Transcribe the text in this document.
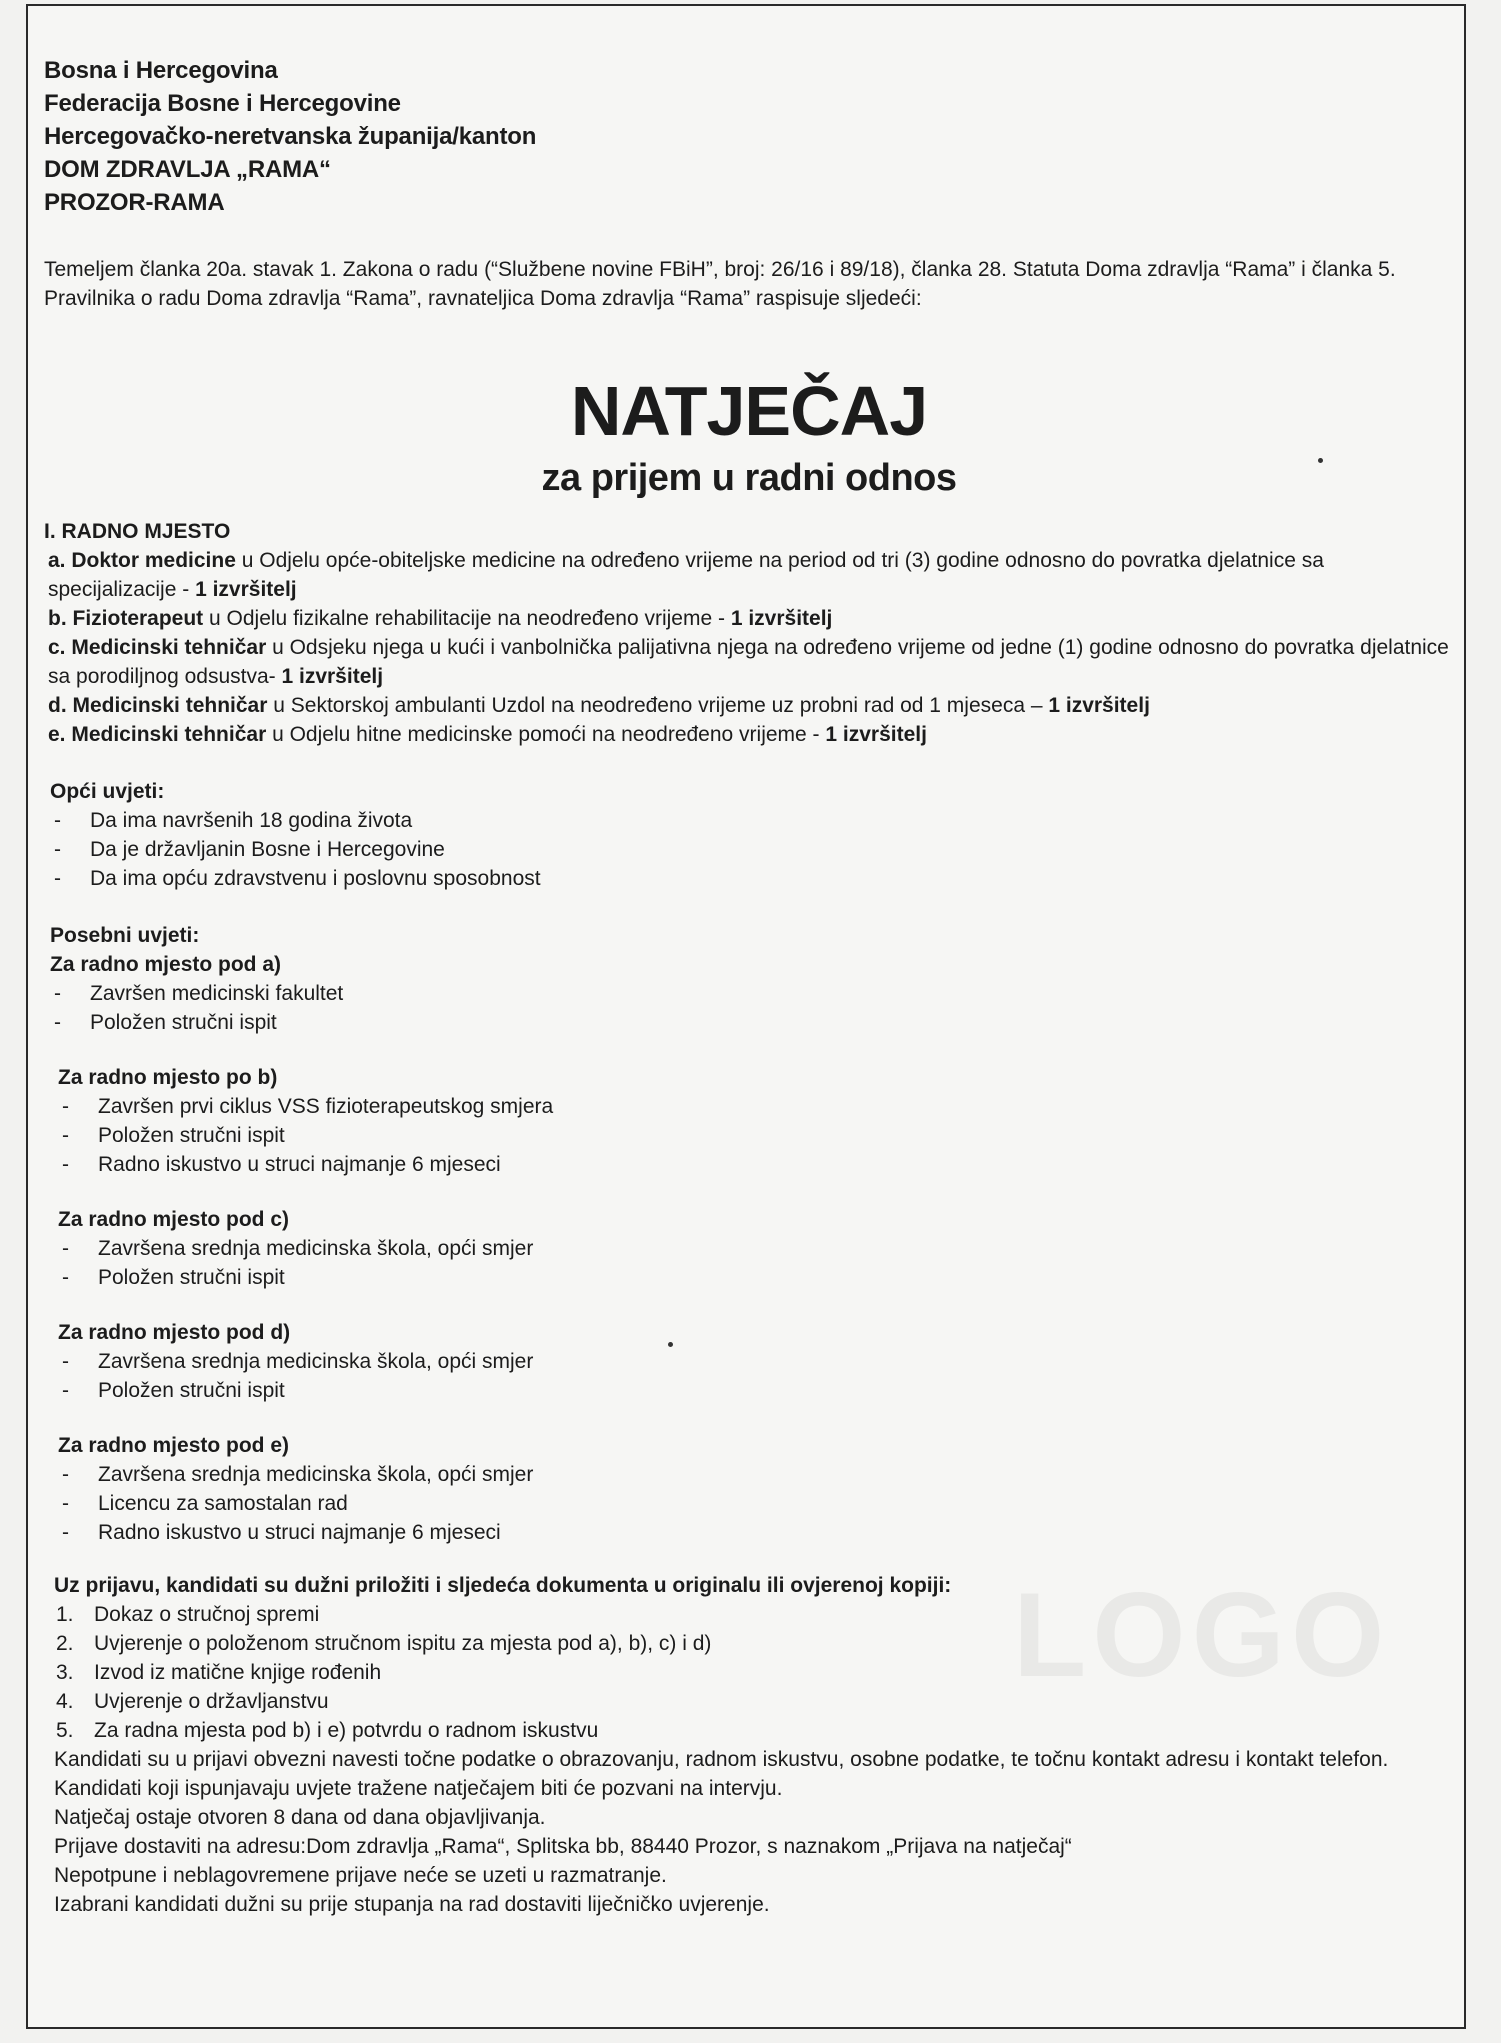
LOGO

Bosna i Hercegovina

Federacija Bosne i Hercegovine

Hercegovačko-neretvanska županija/kanton

DOM ZDRAVLJA „RAMA“

PROZOR-RAMA

Temeljem članka 20a. stavak 1. Zakona o radu (“Službene novine FBiH”, broj: 26/16 i 89/18), članka 28. Statuta Doma zdravlja “Rama” i članka 5.

Pravilnika o radu Doma zdravlja “Rama”, ravnateljica Doma zdravlja “Rama” raspisuje sljedeći:

NATJEČAJ
za prijem u radni odnos

I. RADNO MJESTO

a. Doktor medicine u Odjelu opće-obiteljske medicine na određeno vrijeme na period od tri (3) godine odnosno do povratka djelatnice sa specijalizacije - 1 izvršitelj

b. Fizioterapeut u Odjelu fizikalne rehabilitacije na neodređeno vrijeme - 1 izvršitelj

c. Medicinski tehničar u Odsjeku njega u kući i vanbolnička palijativna njega na određeno vrijeme od jedne (1) godine odnosno do povratka djelatnice sa porodiljnog odsustva- 1 izvršitelj

d. Medicinski tehničar u Sektorskoj ambulanti Uzdol na neodređeno vrijeme uz probni rad od 1 mjeseca – 1 izvršitelj

e. Medicinski tehničar u Odjelu hitne medicinske pomoći na neodređeno vrijeme - 1 izvršitelj

Opći uvjeti:

- Da ima navršenih 18 godina života
- Da je državljanin Bosne i Hercegovine
- Da ima opću zdravstvenu i poslovnu sposobnost

Posebni uvjeti:

Za radno mjesto pod a)

- Završen medicinski fakultet
- Položen stručni ispit

Za radno mjesto po b)

- Završen prvi ciklus VSS fizioterapeutskog smjera
- Položen stručni ispit
- Radno iskustvo u struci najmanje 6 mjeseci

Za radno mjesto pod c)

- Završena srednja medicinska škola, opći smjer
- Položen stručni ispit

Za radno mjesto pod d)

- Završena srednja medicinska škola, opći smjer
- Položen stručni ispit

Za radno mjesto pod e)

- Završena srednja medicinska škola, opći smjer
- Licencu za samostalan rad
- Radno iskustvo u struci najmanje 6 mjeseci

Uz prijavu, kandidati su dužni priložiti i sljedeća dokumenta u originalu ili ovjerenoj kopiji:

1. Dokaz o stručnoj spremi
2. Uvjerenje o položenom stručnom ispitu za mjesta pod a), b), c) i d)
3. Izvod iz matične knjige rođenih
4. Uvjerenje o državljanstvu
5. Za radna mjesta pod b) i e) potvrdu o radnom iskustvu

Kandidati su u prijavi obvezni navesti točne podatke o obrazovanju, radnom iskustvu, osobne podatke, te točnu kontakt adresu i kontakt telefon.

Kandidati koji ispunjavaju uvjete tražene natječajem biti će pozvani na intervju.

Natječaj ostaje otvoren 8 dana od dana objavljivanja.

Prijave dostaviti na adresu:Dom zdravlja „Rama“, Splitska bb, 88440 Prozor, s naznakom „Prijava na natječaj“

Nepotpune i neblagovremene prijave neće se uzeti u razmatranje.

Izabrani kandidati dužni su prije stupanja na rad dostaviti liječničko uvjerenje.
